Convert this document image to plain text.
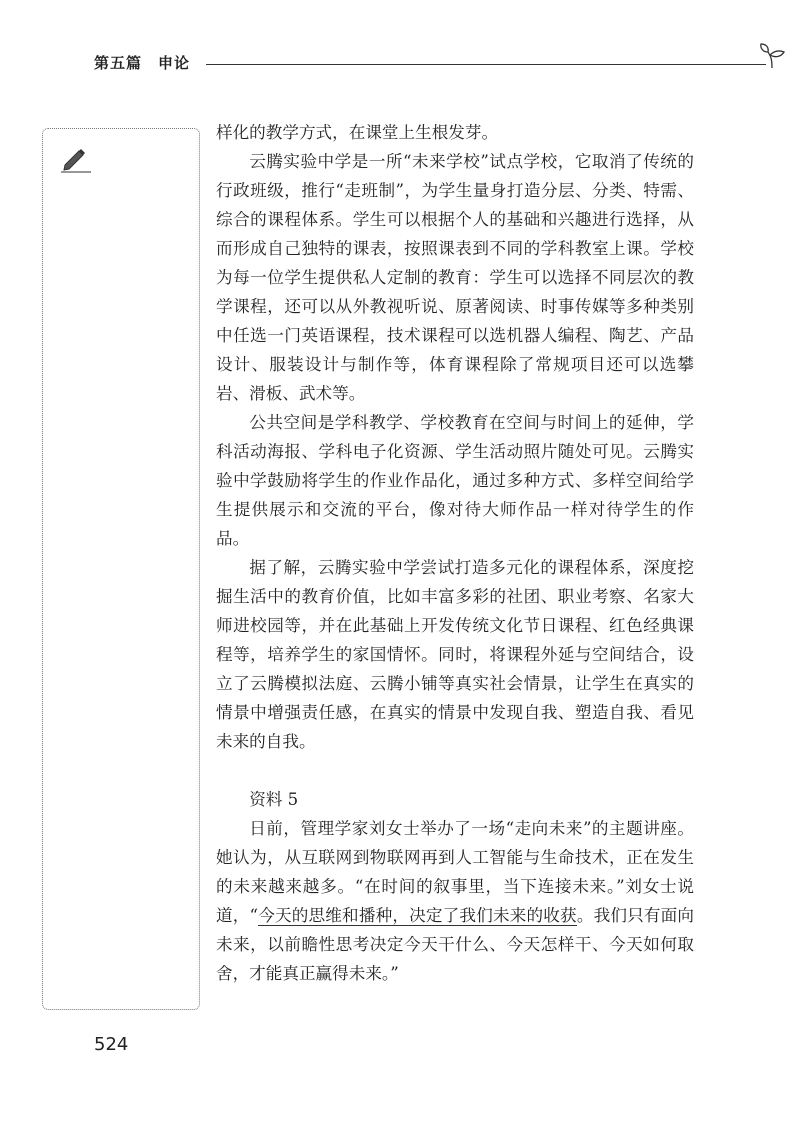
第五篇　申论

样化的教学方式，在课堂上生根发芽。

云腾实验中学是一所“未来学校”试点学校，它取消了传统的行政班级，推行“走班制”，为学生量身打造分层、分类、特需、综合的课程体系。学生可以根据个人的基础和兴趣进行选择，从而形成自己独特的课表，按照课表到不同的学科教室上课。学校为每一位学生提供私人定制的教育：学生可以选择不同层次的教学课程，还可以从外教视听说、原著阅读、时事传媒等多种类别中任选一门英语课程，技术课程可以选机器人编程、陶艺、产品设计、服装设计与制作等，体育课程除了常规项目还可以选攀岩、滑板、武术等。

公共空间是学科教学、学校教育在空间与时间上的延伸，学科活动海报、学科电子化资源、学生活动照片随处可见。云腾实验中学鼓励将学生的作业作品化，通过多种方式、多样空间给学生提供展示和交流的平台，像对待大师作品一样对待学生的作品。

据了解，云腾实验中学尝试打造多元化的课程体系，深度挖掘生活中的教育价值，比如丰富多彩的社团、职业考察、名家大师进校园等，并在此基础上开发传统文化节日课程、红色经典课程等，培养学生的家国情怀。同时，将课程外延与空间结合，设立了云腾模拟法庭、云腾小铺等真实社会情景，让学生在真实的情景中增强责任感，在真实的情景中发现自我、塑造自我、看见未来的自我。

资料 5

日前，管理学家刘女士举办了一场“走向未来”的主题讲座。她认为，从互联网到物联网再到人工智能与生命技术，正在发生的未来越来越多。“在时间的叙事里，当下连接未来。”刘女士说道，“今天的思维和播种，决定了我们未来的收获。我们只有面向未来，以前瞻性思考决定今天干什么、今天怎样干、今天如何取舍，才能真正赢得未来。”

524
